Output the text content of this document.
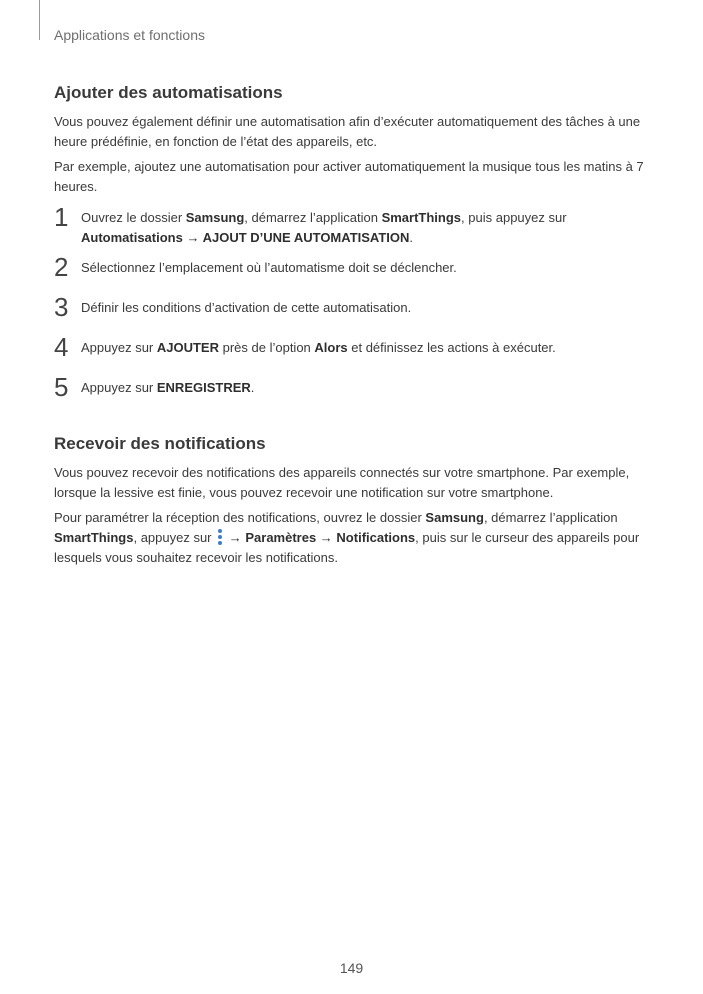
Applications et fonctions
Ajouter des automatisations

Vous pouvez également définir une automatisation afin d’exécuter automatiquement des tâches à une heure prédéfinie, en fonction de l’état des appareils, etc.

Par exemple, ajoutez une automatisation pour activer automatiquement la musique tous les matins à 7 heures.

1 Ouvrez le dossier Samsung, démarrez l’application SmartThings, puis appuyez sur
Automatisations → AJOUT D’UNE AUTOMATISATION.
2 Sélectionnez l’emplacement où l’automatisme doit se déclencher.
3 Définir les conditions d’activation de cette automatisation.
4 Appuyez sur AJOUTER près de l’option Alors et définissez les actions à exécuter.
5 Appuyez sur ENREGISTRER.
Recevoir des notifications

Vous pouvez recevoir des notifications des appareils connectés sur votre smartphone. Par exemple, lorsque la lessive est finie, vous pouvez recevoir une notification sur votre smartphone.

Pour paramétrer la réception des notifications, ouvrez le dossier Samsung, démarrez l’application SmartThings, appuyez sur
→ Paramètres → Notifications, puis sur le curseur des appareils pour lesquels vous souhaitez recevoir les notifications.

149
